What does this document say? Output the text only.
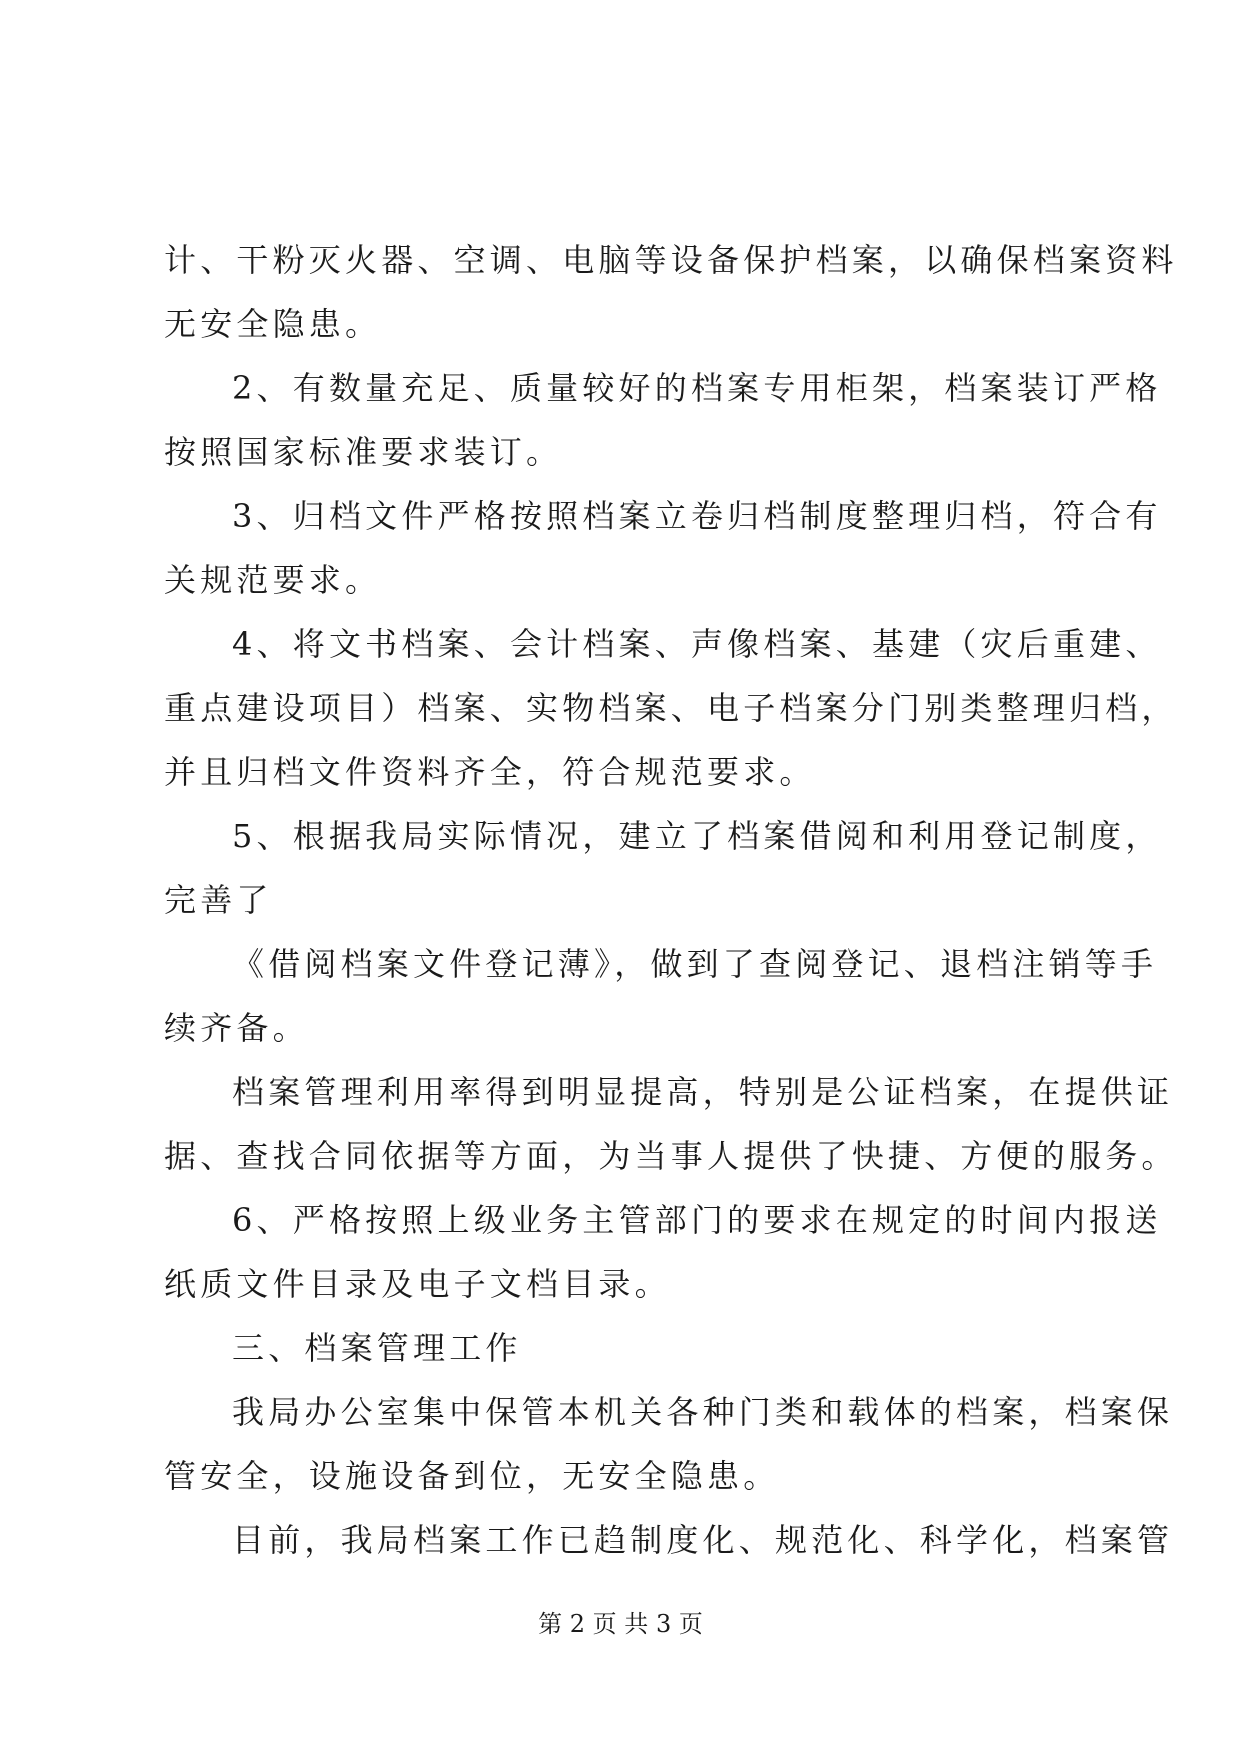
计、干粉灭火器、空调、电脑等设备保护档案，以确保档案资料
无安全隐患。
2、有数量充足、质量较好的档案专用柜架，档案装订严格
按照国家标准要求装订。
3、归档文件严格按照档案立卷归档制度整理归档，符合有
关规范要求。
4、将文书档案、会计档案、声像档案、基建（灾后重建、
重点建设项目）档案、实物档案、电子档案分门别类整理归档，
并且归档文件资料齐全，符合规范要求。
5、根据我局实际情况，建立了档案借阅和利用登记制度，
完善了
《借阅档案文件登记薄》，做到了查阅登记、退档注销等手
续齐备。
档案管理利用率得到明显提高，特别是公证档案，在提供证
据、查找合同依据等方面，为当事人提供了快捷、方便的服务。
6、严格按照上级业务主管部门的要求在规定的时间内报送
纸质文件目录及电子文档目录。
三、档案管理工作
我局办公室集中保管本机关各种门类和载体的档案，档案保
管安全，设施设备到位，无安全隐患。
目前，我局档案工作已趋制度化、规范化、科学化，档案管
第 2 页 共 3 页
